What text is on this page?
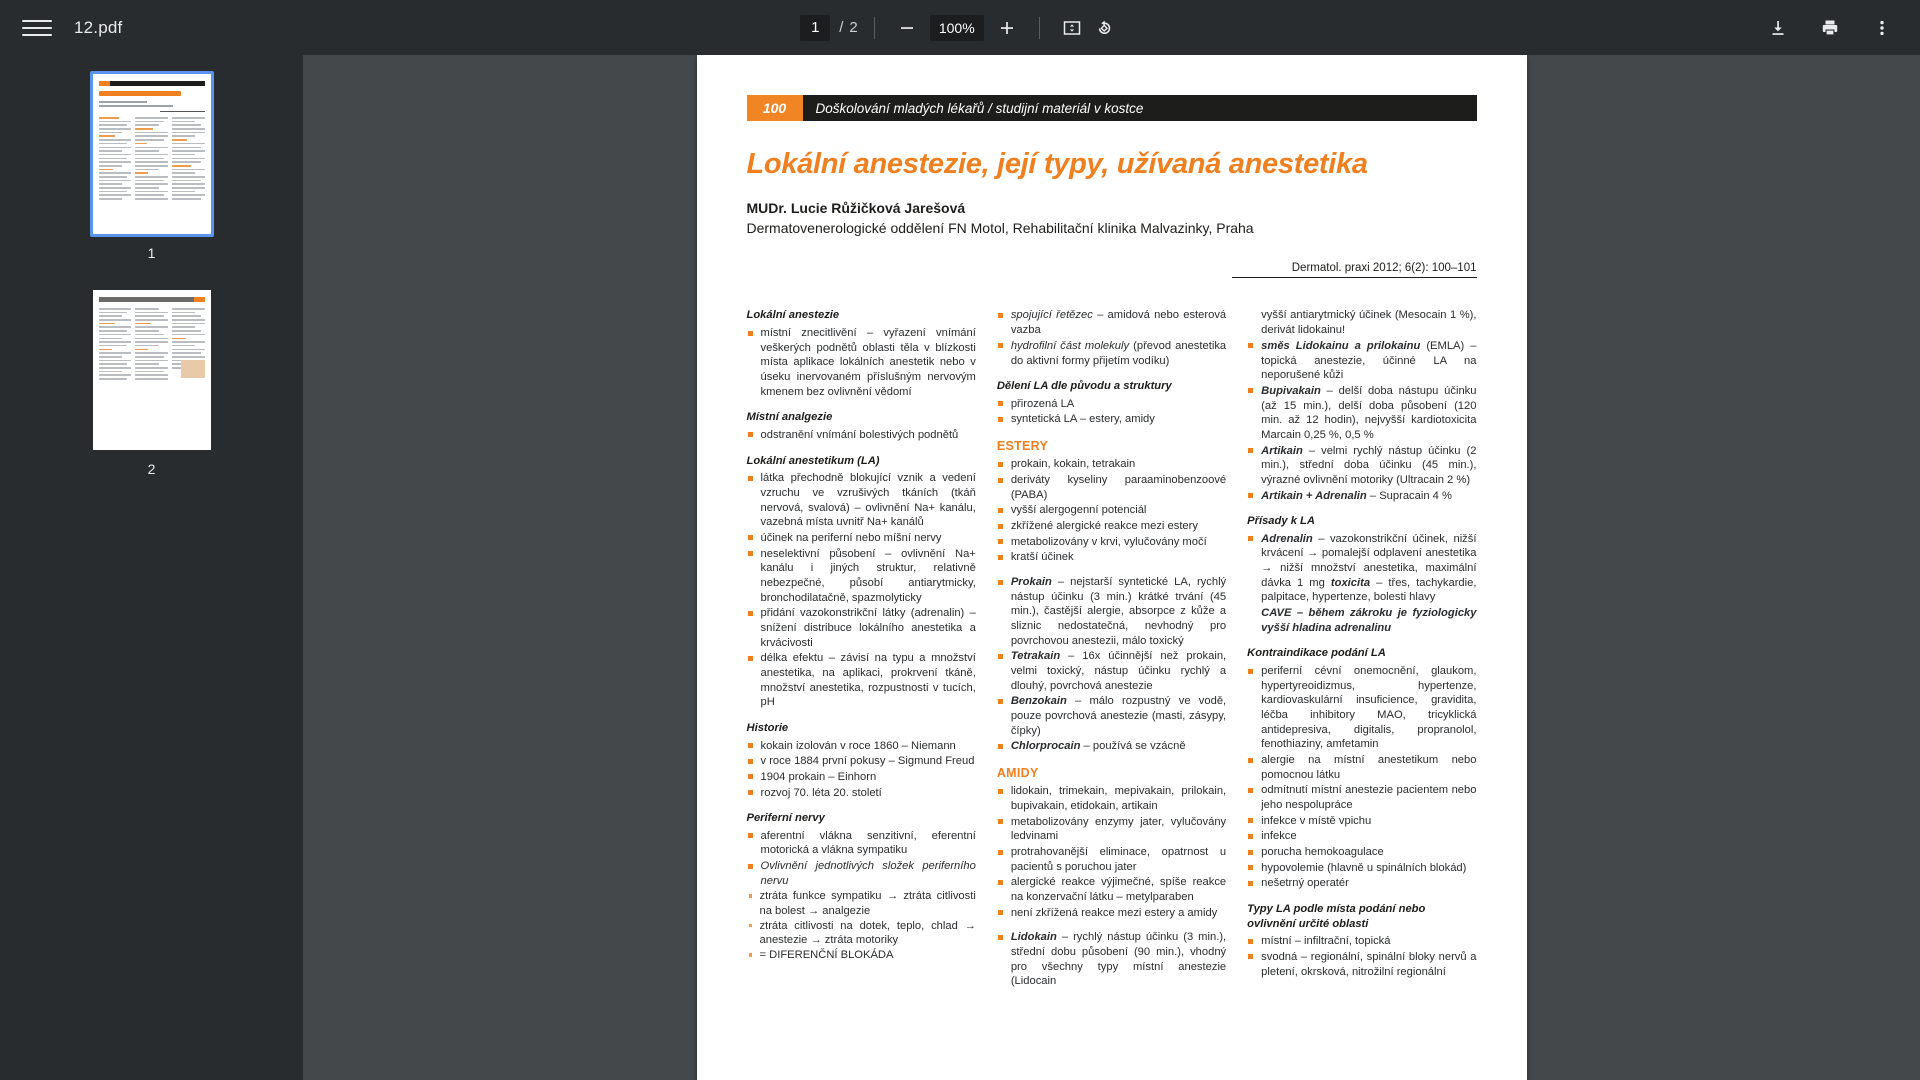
12.pdf
1	/ 2	100%
1
2
100	Doškolování mladých lékařů / studijní materiál v kostce
Lokální anestezie, její typy, užívaná anestetika
MUDr. Lucie Růžičková Jarešová
Dermatovenerologické oddělení FN Motol, Rehabilitační klinika Malvazinky, Praha
Dermatol. praxi 2012; 6(2): 100–101
Lokální anestezie
místní znecitlivění – vyřazení vnímání veškerých podnětů oblasti těla v blízkosti místa aplikace lokálních anestetik nebo v úseku inervovaném příslušným nervovým kmenem bez ovlivnění vědomí
Místní analgezie
odstranění vnímání bolestivých podnětů
Lokální anestetikum (LA)
látka přechodně blokující vznik a vedení vzruchu ve vzrušivých tkáních (tkáň nervová, svalová) – ovlivnění Na+ kanálu, vazebná místa uvnitř Na+ kanálů
účinek na periferní nebo míšní nervy
neselektivní působení – ovlivnění Na+ kanálu i jiných struktur, relativně nebezpečné, působí antiarytmicky, bronchodilatačně, spazmolyticky
přidání vazokonstrikční látky (adrenalin) – snížení distribuce lokálního anestetika a krvácivosti
délka efektu – závisí na typu a množství anestetika, na aplikaci, prokrvení tkáně, množství anestetika, rozpustnosti v tucích, pH
Historie
kokain izolován v roce 1860 – Niemann
v roce 1884 první pokusy – Sigmund Freud
1904 prokain – Einhorn
rozvoj 70. léta 20. století
Periferní nervy
aferentní vlákna senzitivní, eferentní motorická a vlákna sympatiku
Ovlivnění jednotlivých složek periferního nervu
ztráta funkce sympatiku → ztráta citlivosti na bolest → analgezie
ztráta citlivosti na dotek, teplo, chlad → anestezie → ztráta motoriky
= DIFERENČNÍ BLOKÁDA
spojující řetězec – amidová nebo esterová vazba
hydrofilní část molekuly (převod anestetika do aktivní formy přijetím vodíku)
Dělení LA dle původu a struktury
přirozená LA
syntetická LA – estery, amidy
ESTERY
prokain, kokain, tetrakain
deriváty kyseliny paraaminobenzoové (PABA)
vyšší alergogenní potenciál
zkřížené alergické reakce mezi estery
metabolizovány v krvi, vylučovány močí
kratší účinek
Prokain – nejstarší syntetické LA, rychlý nástup účinku (3 min.) krátké trvání (45 min.), častější alergie, absorpce z kůže a sliznic nedostatečná, nevhodný pro povrchovou anestezii, málo toxický
Tetrakain – 16x účinnější než prokain, velmi toxický, nástup účinku rychlý a dlouhý, povrchová anestezie
Benzokain – málo rozpustný ve vodě, pouze povrchová anestezie (masti, zásypy, čípky)
Chlorprocain – používá se vzácně
AMIDY
lidokain, trimekain, mepivakain, prilokain, bupivakain, etidokain, artikain
metabolizovány enzymy jater, vylučovány ledvinami
protrahovanější eliminace, opatrnost u pacientů s poruchou jater
alergické reakce výjimečné, spíše reakce na konzervační látku – metylparaben
není zkřížená reakce mezi estery a amidy
Lidokain – rychlý nástup účinku (3 min.), střední dobu působení (90 min.), vhodný pro všechny typy místní anestezie (Lidocain
vyšší antiarytmický účinek (Mesocain 1 %), derivát lidokainu!
směs Lidokainu a prilokainu (EMLA) – topická anestezie, účinné LA na neporušené kůži
Bupivakain – delší doba nástupu účinku (až 15 min.), delší doba působení (120 min. až 12 hodin), nejvyšší kardiotoxicita Marcain 0,25 %, 0,5 %
Artikain – velmi rychlý nástup účinku (2 min.), střední doba účinku (45 min.), výrazné ovlivnění motoriky (Ultracain 2 %)
Artikain + Adrenalin – Supracain 4 %
Přísady k LA
Adrenalin – vazokonstrikční účinek, nižší krvácení → pomalejší odplavení anestetika → nižší množství anestetika, maximální dávka 1 mg toxicita – třes, tachykardie, palpitace, hypertenze, bolesti hlavy
CAVE – během zákroku je fyziologicky vyšší hladina adrenalinu
Kontraindikace podání LA
periferní cévní onemocnění, glaukom, hypertyreoidizmus, hypertenze, kardiovaskulární insuficience, gravidita, léčba inhibitory MAO, tricyklická antidepresiva, digitalis, propranolol, fenothiaziny, amfetamin
alergie na místní anestetikum nebo pomocnou látku
odmítnutí místní anestezie pacientem nebo jeho nespolupráce
infekce v místě vpichu
infekce
porucha hemokoagulace
hypovolemie (hlavně u spinálních blokád)
nešetrný operatér
Typy LA podle místa podání nebo ovlivnění určité oblasti
místní – infiltrační, topická
svodná – regionální, spinální bloky nervů a pletení, okrsková, nitrožilní regionální
